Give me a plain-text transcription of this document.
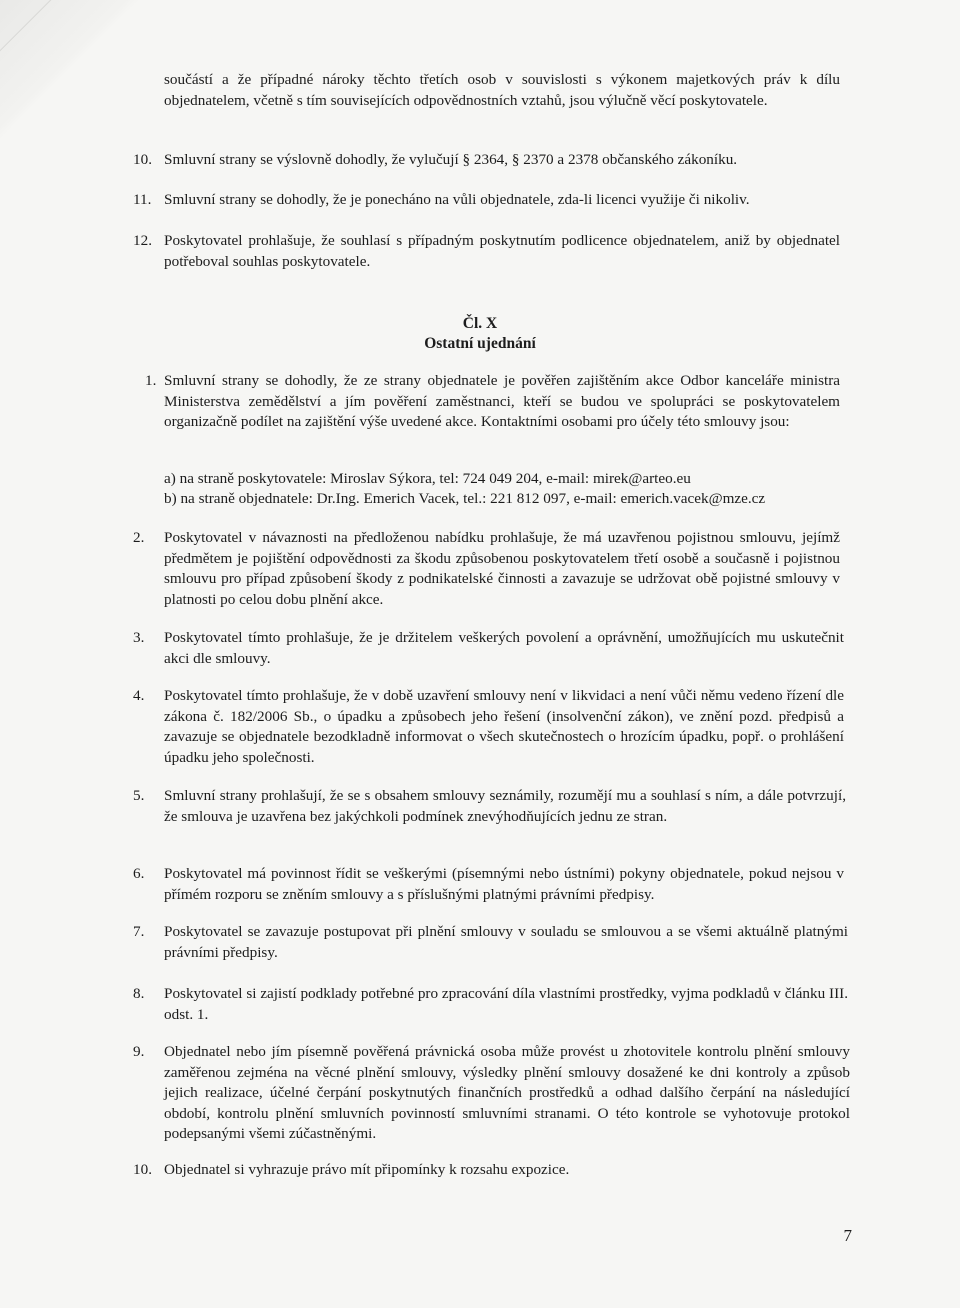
součástí a že případné nároky těchto třetích osob v souvislosti s výkonem majetkových práv k dílu objednatelem, včetně s tím souvisejících odpovědnostních vztahů, jsou výlučně věcí poskytovatele.

10. Smluvní strany se výslovně dohodly, že vylučují § 2364, § 2370 a 2378 občanského zákoníku.

11. Smluvní strany se dohodly, že je ponecháno na vůli objednatele, zda-li licenci využije či nikoliv.

12. Poskytovatel prohlašuje, že souhlasí s případným poskytnutím podlicence objednatelem, aniž by objednatel potřeboval souhlas poskytovatele.

Čl. X
Ostatní ujednání
1. Smluvní strany se dohodly, že ze strany objednatele je pověřen zajištěním akce Odbor kanceláře ministra Ministerstva zemědělství a jím pověření zaměstnanci, kteří se budou ve spolupráci se poskytovatelem organizačně podílet na zajištění výše uvedené akce. Kontaktními osobami pro účely této smlouvy jsou:

a) na straně poskytovatele: Miroslav Sýkora, tel: 724 049 204, e-mail: mirek@arteo.eu
b) na straně objednatele: Dr.Ing. Emerich Vacek, tel.: 221 812 097, e-mail: emerich.vacek@mze.cz
2. Poskytovatel v návaznosti na předloženou nabídku prohlašuje, že má uzavřenou pojistnou smlouvu, jejímž předmětem je pojištění odpovědnosti za škodu způsobenou poskytovatelem třetí osobě a současně i pojistnou smlouvu pro případ způsobení škody z podnikatelské činnosti a zavazuje se udržovat obě pojistné smlouvy v platnosti po celou dobu plnění akce.

3. Poskytovatel tímto prohlašuje, že je držitelem veškerých povolení a oprávnění, umožňujících mu uskutečnit akci dle smlouvy.

4. Poskytovatel tímto prohlašuje, že v době uzavření smlouvy není v likvidaci a není vůči němu vedeno řízení dle zákona č. 182/2006 Sb., o úpadku a způsobech jeho řešení (insolvenční zákon), ve znění pozd. předpisů a zavazuje se objednatele bezodkladně informovat o všech skutečnostech o hrozícím úpadku, popř. o prohlášení úpadku jeho společnosti.

5. Smluvní strany prohlašují, že se s obsahem smlouvy seznámily, rozumějí mu a souhlasí s ním, a dále potvrzují, že smlouva je uzavřena bez jakýchkoli podmínek znevýhodňujících jednu ze stran.

6. Poskytovatel má povinnost řídit se veškerými (písemnými nebo ústními) pokyny objednatele, pokud nejsou v přímém rozporu se zněním smlouvy a s příslušnými platnými právními předpisy.

7. Poskytovatel se zavazuje postupovat při plnění smlouvy v souladu se smlouvou a se všemi aktuálně platnými právními předpisy.

8. Poskytovatel si zajistí podklady potřebné pro zpracování díla vlastními prostředky, vyjma podkladů v článku III. odst. 1.

9. Objednatel nebo jím písemně pověřená právnická osoba může provést u zhotovitele kontrolu plnění smlouvy zaměřenou zejména na věcné plnění smlouvy, výsledky plnění smlouvy dosažené ke dni kontroly a způsob jejich realizace, účelné čerpání poskytnutých finančních prostředků a odhad dalšího čerpání na následující období, kontrolu plnění smluvních povinností smluvními stranami. O této kontrole se vyhotovuje protokol podepsanými všemi zúčastněnými.

10. Objednatel si vyhrazuje právo mít připomínky k rozsahu expozice.

7
